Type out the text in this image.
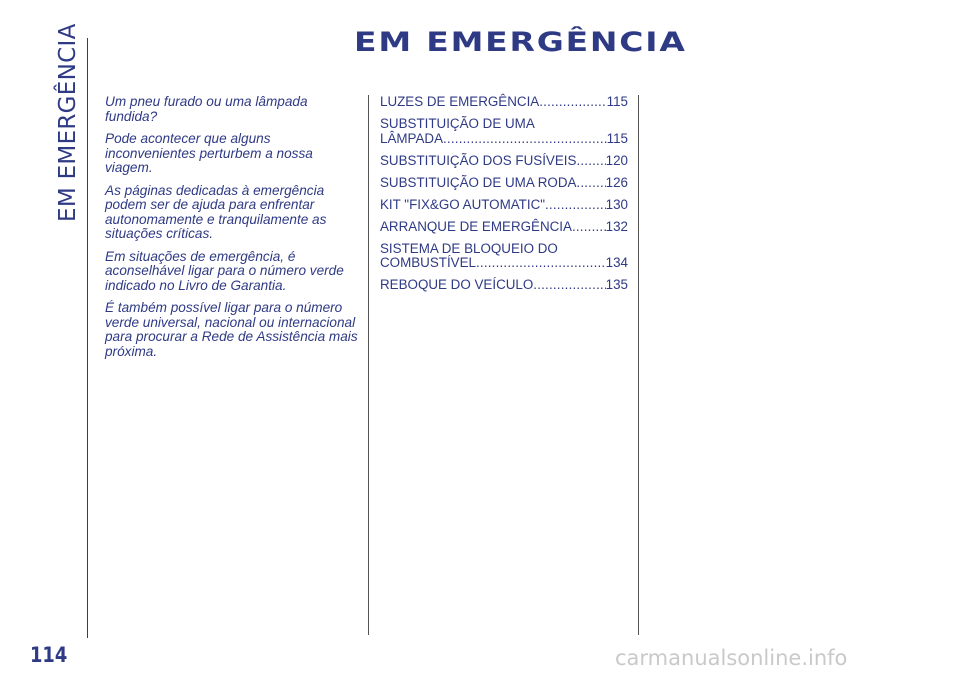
EM EMERGÊNCIA	EM EMERGÊNCIA

Um pneu furado ou uma lâmpada fundida?

Pode acontecer que alguns inconvenientes perturbem a nossa viagem.

As páginas dedicadas à emergência podem ser de ajuda para enfrentar autonomamente e tranquilamente as situações críticas.

Em situações de emergência, é aconselhável ligar para o número verde indicado no Livro de Garantia.

É também possível ligar para o número verde universal, nacional ou internacional para procurar a Rede de Assistência mais próxima.

LUZES DE EMERGÊNCIA .....	115
SUBSTITUIÇÃO DE UMA
LÂMPADA .....	115
SUBSTITUIÇÃO DOS FUSÍVEIS ..... 120
SUBSTITUIÇÃO DE UMA RODA ..... 126
KIT "FIX&GO AUTOMATIC" .....	130
ARRANQUE DE EMERGÊNCIA .....	132
SISTEMA DE BLOQUEIO DO
COMBUSTÍVEL .....	134
REBOQUE DO VEÍCULO .....	135
114	carmanualsonline.info
